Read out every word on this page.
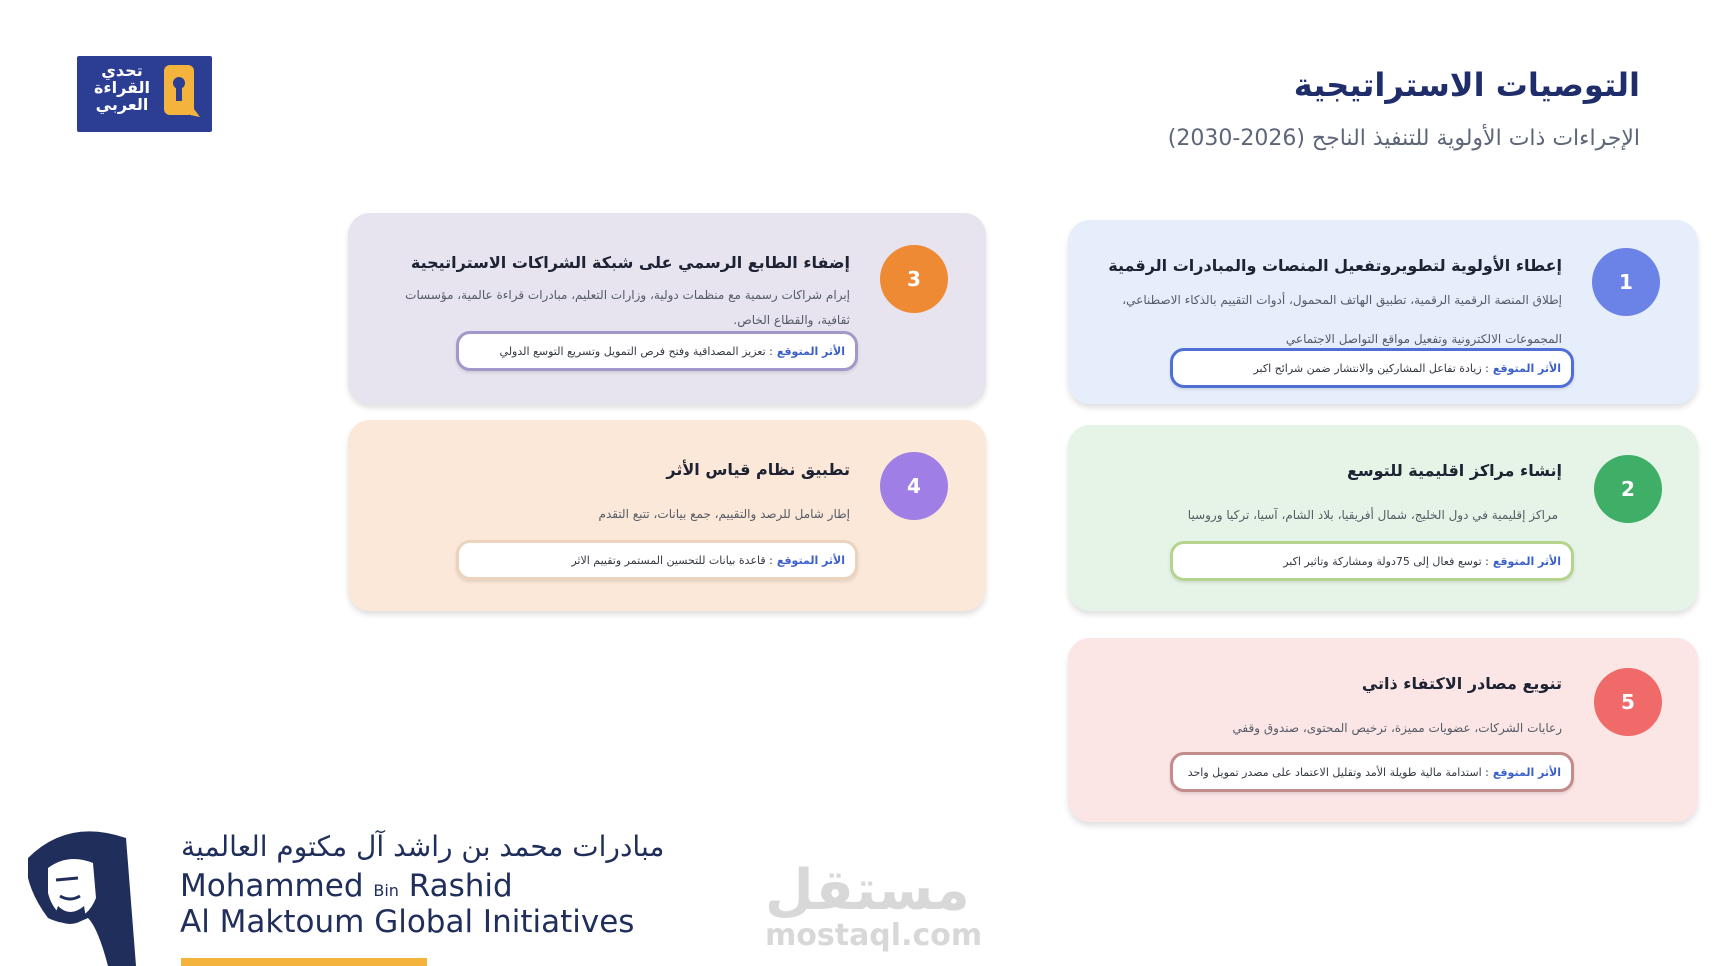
تحدي
القراءة
العربي
التوصيات الاستراتيجية
الإجراءات ذات الأولوية للتنفيذ الناجح (2026-2030)
1
إعطاء الأولوية لتطويروتفعيل المنصات والمبادرات الرقمية
إطلاق المنصة الرقمية الرقمية، تطبيق الهاتف المحمول، أدوات التقييم بالذكاء الاصطناعي،
المجموعات الالكترونية وتفعيل مواقع التواصل الاجتماعي
الأثر المتوقع
: زيادة تفاعل المشاركين والانتشار ضمن شرائح اكبر
2
إنشاء مراكز اقليمية للتوسع
مراكز إقليمية في دول الخليج، شمال أفريقيا، بلاد الشام، آسيا، تركيا وروسيا
الأثر المتوقع
: توسع فعال إلى 75دولة ومشاركة وتاثير اكبر
3
إضفاء الطابع الرسمي على شبكة الشراكات الاستراتيجية
إبرام شراكات رسمية مع منظمات دولية، وزارات التعليم، مبادرات قراءة عالمية، مؤسسات
ثقافية، والقطاع الخاص.
الأثر المتوقع
: تعزيز المصداقية وفتح فرص التمويل وتسريع التوسع الدولي
4
تطبيق نظام قياس الأثر
إطار شامل للرصد والتقييم، جمع بيانات، تتبع التقدم
الأثر المتوقع
: قاعدة بيانات للتحسين المستمر وتقييم الاثر
5
تنويع مصادر الاكتفاء ذاتي
رعايات الشركات، عضويات مميزة، ترخيص المحتوى، صندوق وقفي
الأثر المتوقع
: استدامة مالية طويلة الأمد وتقليل الاعتماد على مصدر تمويل واحد
مبادرات محمد بن راشد آل مكتوم العالمية
Mohammed Bin Rashid
Al Maktoum Global Initiatives مستقل
mostaql.com
